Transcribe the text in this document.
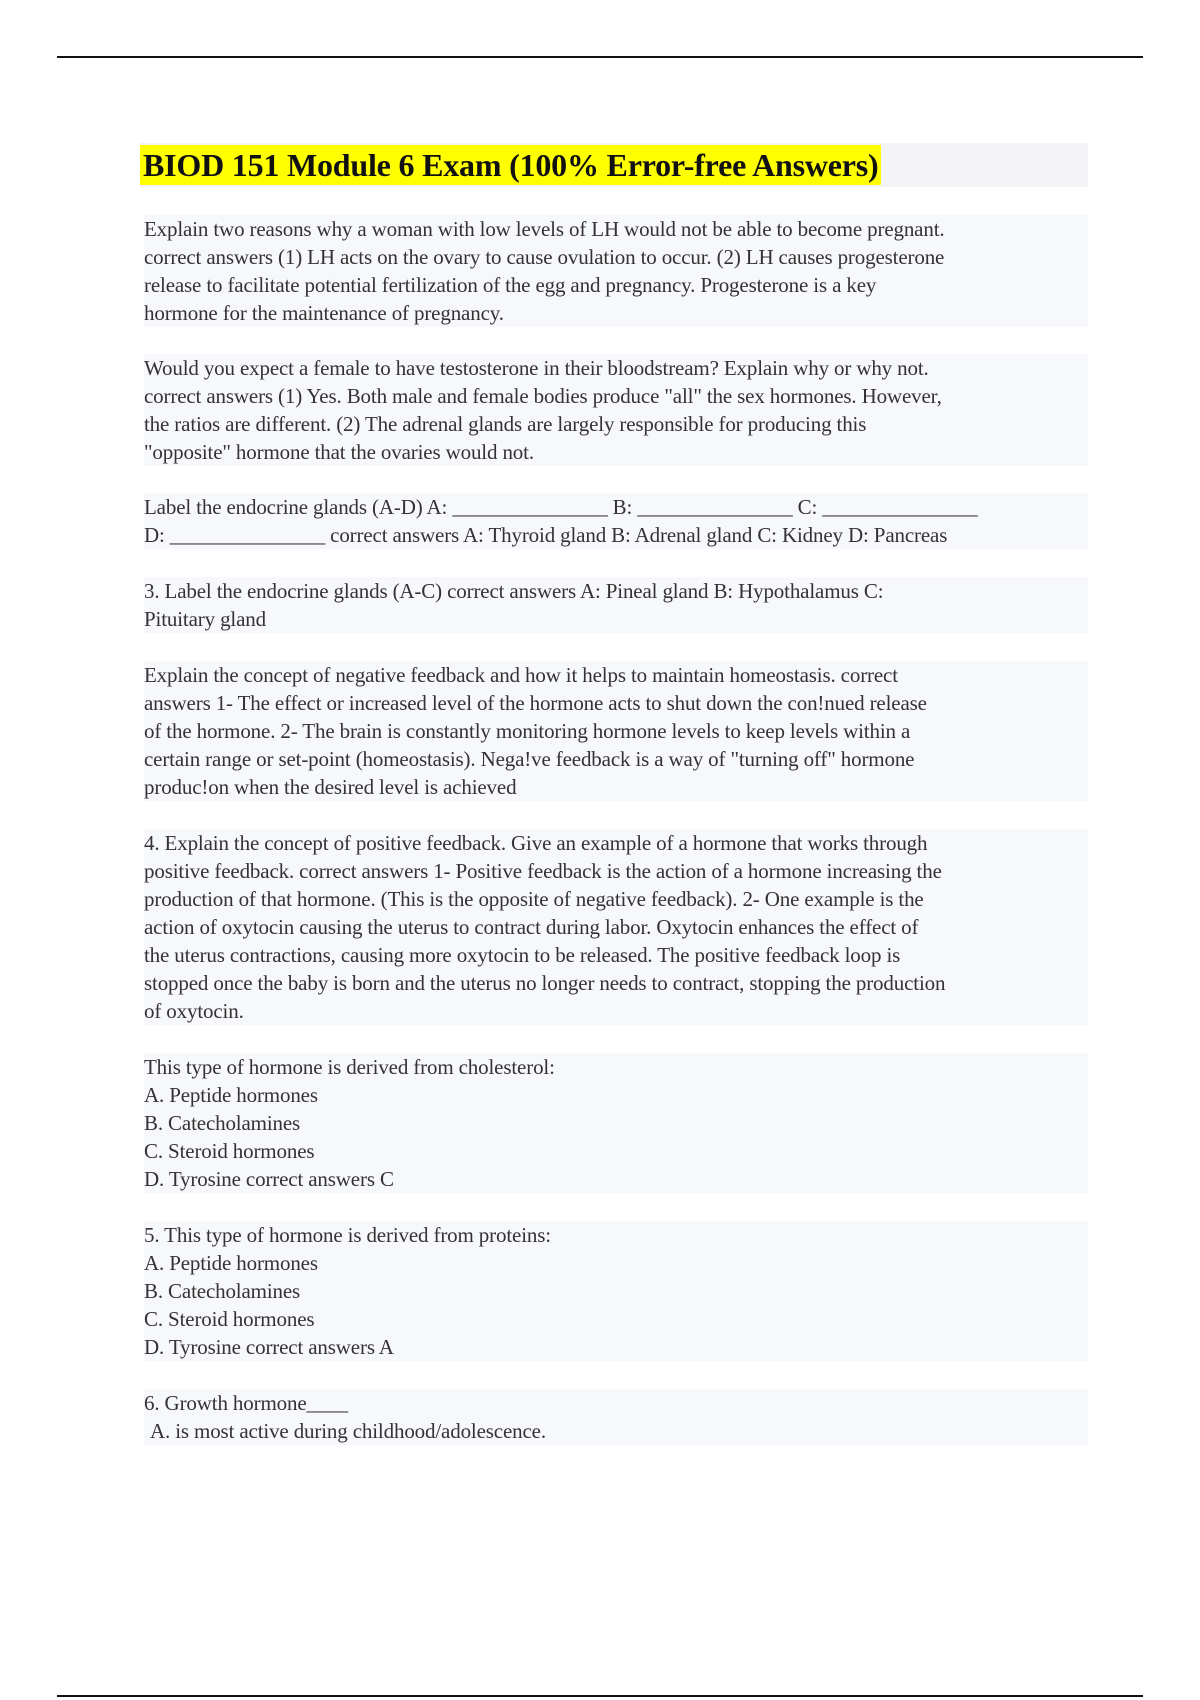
BIOD 151 Module 6 Exam (100% Error-free Answers)
Explain two reasons why a woman with low levels of LH would not be able to become pregnant.
correct answers (1) LH acts on the ovary to cause ovulation to occur. (2) LH causes progesterone
release to facilitate potential fertilization of the egg and pregnancy. Progesterone is a key
hormone for the maintenance of pregnancy.
Would you expect a female to have testosterone in their bloodstream? Explain why or why not.
correct answers (1) Yes. Both male and female bodies produce "all" the sex hormones. However,
the ratios are different. (2) The adrenal glands are largely responsible for producing this
"opposite" hormone that the ovaries would not.
Label the endocrine glands (A-D) A: _______________ B: _______________ C: _______________
D: _______________ correct answers A: Thyroid gland B: Adrenal gland C: Kidney D: Pancreas
3. Label the endocrine glands (A-C) correct answers A: Pineal gland B: Hypothalamus C:
Pituitary gland
Explain the concept of negative feedback and how it helps to maintain homeostasis. correct
answers 1- The effect or increased level of the hormone acts to shut down the con!nued release
of the hormone. 2- The brain is constantly monitoring hormone levels to keep levels within a
certain range or set-point (homeostasis). Nega!ve feedback is a way of "turning off" hormone
produc!on when the desired level is achieved
4. Explain the concept of positive feedback. Give an example of a hormone that works through
positive feedback. correct answers 1- Positive feedback is the action of a hormone increasing the
production of that hormone. (This is the opposite of negative feedback). 2- One example is the
action of oxytocin causing the uterus to contract during labor. Oxytocin enhances the effect of
the uterus contractions, causing more oxytocin to be released. The positive feedback loop is
stopped once the baby is born and the uterus no longer needs to contract, stopping the production
of oxytocin.
This type of hormone is derived from cholesterol:
A. Peptide hormones
B. Catecholamines
C. Steroid hormones
D. Tyrosine correct answers C
5. This type of hormone is derived from proteins:
A. Peptide hormones
B. Catecholamines
C. Steroid hormones
D. Tyrosine correct answers A
6. Growth hormone____
A. is most active during childhood/adolescence.
